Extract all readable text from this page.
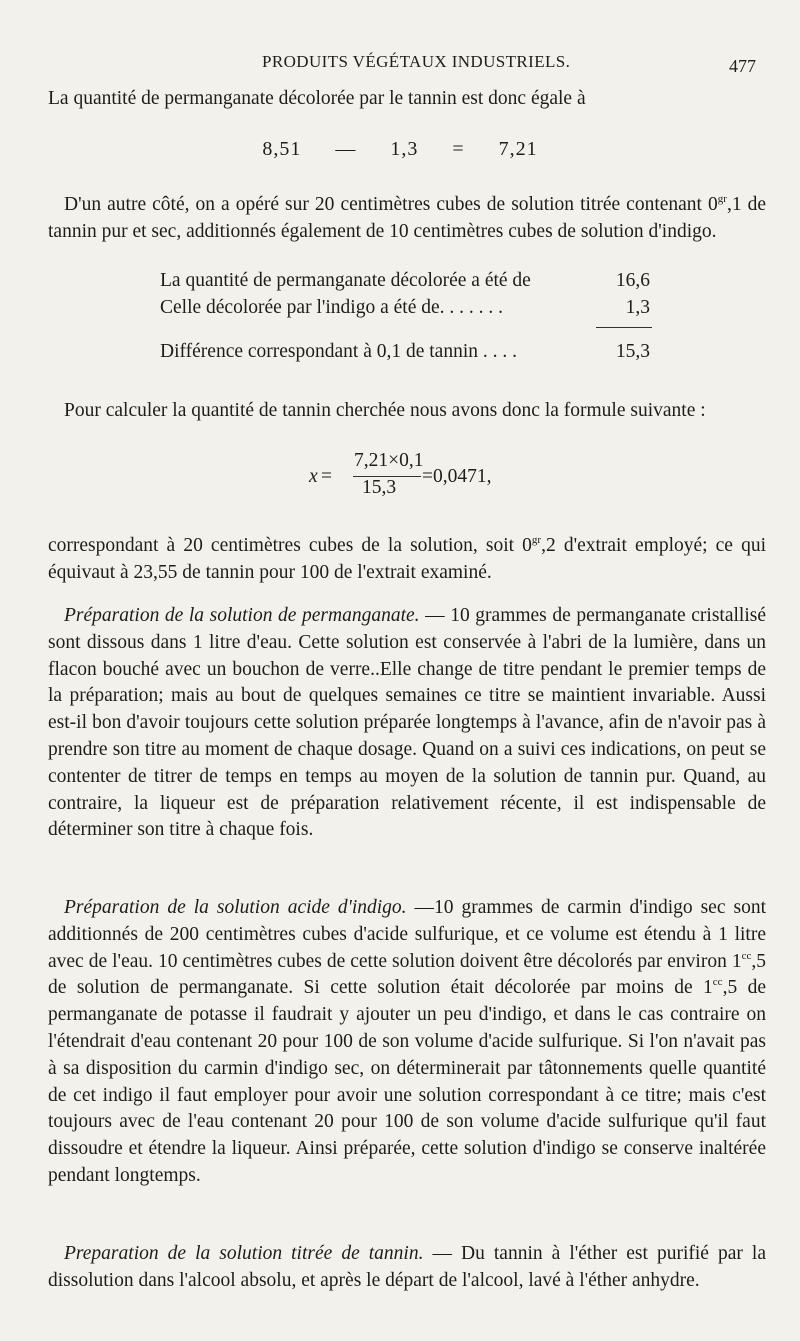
PRODUITS VÉGÉTAUX INDUSTRIELS.	477

La quantité de permanganate décolorée par le tannin est donc égale à

8,51 — 1,3 = 7,21

D'un autre côté, on a opéré sur 20 centimètres cubes de solution titrée contenant $0^{gr},1$ de tannin pur et sec, additionnés également de 10 centimètres cubes de solution d'indigo.

La quantité de permanganate décolorée a été de	16,6
Celle décolorée par l'indigo a été de. . . . . . .	1,3
Différence correspondant à 0,1 de tannin . . . .	15,3

Pour calculer la quantité de tannin cherchée nous avons donc la formule suivante :

x =
7,21×0,1
15,3
=0,0471,

correspondant à 20 centimètres cubes de la solution, soit $0^{gr},2$ d'extrait employé; ce qui équivaut à 23,55 de tannin pour 100 de l'extrait examiné.

Préparation de la solution de permanganate. — 10 grammes de permanganate cristallisé sont dissous dans 1 litre d'eau. Cette solution est conservée à l'abri de la lumière, dans un flacon bouché avec un bouchon de verre..Elle change de titre pendant le premier temps de la préparation; mais au bout de quelques semaines ce titre se maintient invariable. Aussi est-il bon d'avoir toujours cette solution préparée longtemps à l'avance, afin de n'avoir pas à prendre son titre au moment de chaque dosage. Quand on a suivi ces indications, on peut se contenter de titrer de temps en temps au moyen de la solution de tannin pur. Quand, au contraire, la liqueur est de préparation relativement récente, il est indispensable de déterminer son titre à chaque fois.

Préparation de la solution acide d'indigo. —10 grammes de carmin d'indigo sec sont additionnés de 200 centimètres cubes d'acide sulfurique, et ce volume est étendu à 1 litre avec de l'eau. 10 centimètres cubes de cette solution doivent être décolorés par environ $1^{cc},5$ de solution de permanganate. Si cette solution était décolorée par moins de $1^{cc},5$ de permanganate de potasse il faudrait y ajouter un peu d'indigo, et dans le cas contraire on l'étendrait d'eau contenant 20 pour 100 de son volume d'acide sulfurique. Si l'on n'avait pas à sa disposition du carmin d'indigo sec, on déterminerait par tâtonnements quelle quantité de cet indigo il faut employer pour avoir une solution correspondant à ce titre; mais c'est toujours avec de l'eau contenant 20 pour 100 de son volume d'acide sulfurique qu'il faut dissoudre et étendre la liqueur. Ainsi préparée, cette solution d'indigo se conserve inaltérée pendant longtemps.

Preparation de la solution titrée de tannin. — Du tannin à l'éther est purifié par la dissolution dans l'alcool absolu, et après le départ de l'alcool, lavé à l'éther anhydre.
